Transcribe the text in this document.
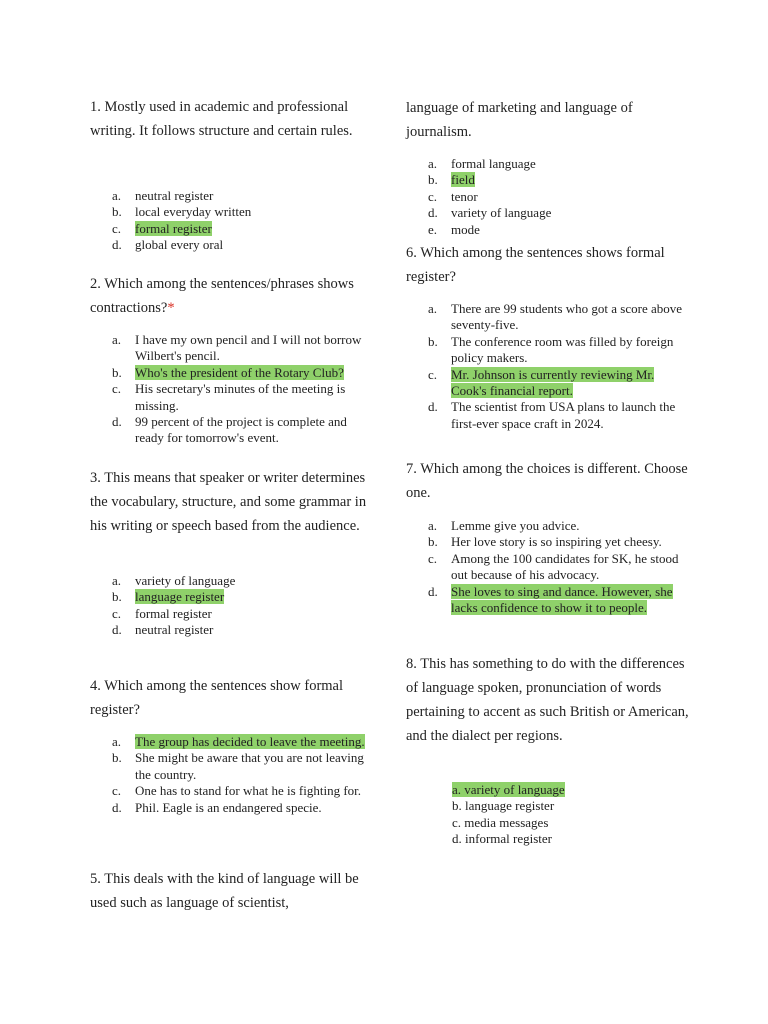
1. Mostly used in academic and professional writing. It follows structure and certain rules.

a. neutral register
b. local everyday written
c. formal register
d. global every oral

2. Which among the sentences/phrases shows contractions?*

a. I have my own pencil and I will not borrow Wilbert's pencil.
b. Who's the president of the Rotary Club?
c. His secretary's minutes of the meeting is missing.
d. 99 percent of the project is complete and ready for tomorrow's event.

3. This means that speaker or writer determines the vocabulary, structure, and some grammar in his writing or speech based from the audience.

a. variety of language
b. language register
c. formal register
d. neutral register

4. Which among the sentences show formal register?

a. The group has decided to leave the meeting.
b. She might be aware that you are not leaving the country.
c. One has to stand for what he is fighting for.
d. Phil. Eagle is an endangered specie.

5. This deals with the kind of language will be used such as language of scientist,

language of marketing and language of journalism.

a. formal language
b. field
c. tenor
d. variety of language
e. mode

6. Which among the sentences shows formal register?

a. There are 99 students who got a score above seventy-five.
b. The conference room was filled by foreign policy makers.
c. Mr. Johnson is currently reviewing Mr. Cook's financial report.
d. The scientist from USA plans to launch the first-ever space craft in 2024.

7. Which among the choices is different. Choose one.

a. Lemme give you advice.
b. Her love story is so inspiring yet cheesy.
c. Among the 100 candidates for SK, he stood out because of his advocacy.
d. She loves to sing and dance. However, she lacks confidence to show it to people.

8. This has something to do with the differences of language spoken, pronunciation of words pertaining to accent as such British or American, and the dialect per regions.

a. variety of language
b. language register
c. media messages
d. informal register
